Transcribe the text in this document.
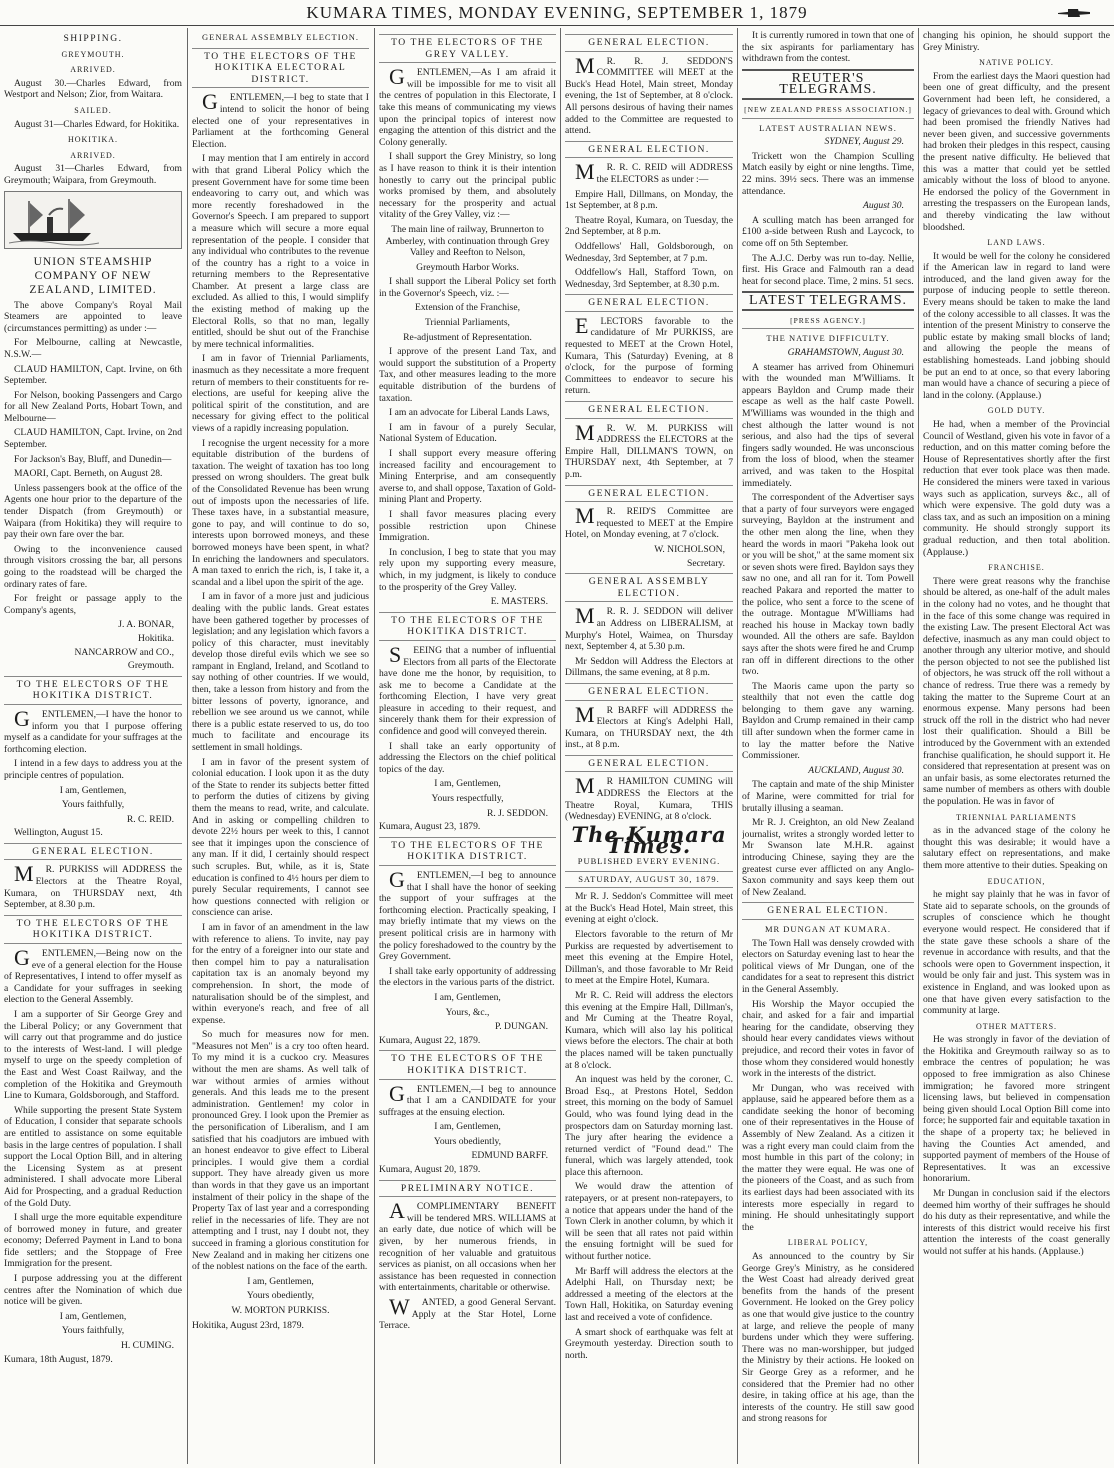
KUMARA TIMES, MONDAY EVENING, SEPTEMBER 1, 1879
SHIPPING.
GREYMOUTH.
ARRIVED.

August 30.—Charles Edward, from Westport and Nelson; Zior, from Waitara.

SAILED.

August 31—Charles Edward, for Hokitika.

HOKITIKA.
ARRIVED.

August 31—Charles Edward, from Greymouth; Waipara, from Greymouth.

UNION STEAMSHIP COMPANY OF NEW ZEALAND, LIMITED.

The above Company's Royal Mail Steamers are appointed to leave (circumstances permitting) as under :—

For Melbourne, calling at Newcastle, N.S.W.—

CLAUD HAMILTON, Capt. Irvine, on 6th September.

For Nelson, booking Passengers and Cargo for all New Zealand Ports, Hobart Town, and Melbourne—

CLAUD HAMILTON, Capt. Irvine, on 2nd September.

For Jackson's Bay, Bluff, and Dunedin—

MAORI, Capt. Berneth, on August 28.

Unless passengers book at the office of the Agents one hour prior to the departure of the tender Dispatch (from Greymouth) or Waipara (from Hokitika) they will require to pay their own fare over the bar.

Owing to the inconvenience caused through visitors crossing the bar, all persons going to the roadstead will be charged the ordinary rates of fare.

For freight or passage apply to the Company's agents,

J. A. BONAR,

Hokitika.

NANCARROW and CO.,

Greymouth.

TO THE ELECTORS OF THE HOKITIKA DISTRICT.

GENTLEMEN,—I have the honor to inform you that I purpose offering myself as a candidate for your suffrages at the forthcoming election.

I intend in a few days to address you at the principle centres of population.

I am, Gentlemen,

Yours faithfully,

R. C. REID.

Wellington, August 15.

GENERAL ELECTION.

MR. PURKISS will ADDRESS the Electors at the Theatre Royal, Kumara, on THURSDAY next, 4th September, at 8.30 p.m.

TO THE ELECTORS OF THE HOKITIKA DISTRICT.

GENTLEMEN,—Being now on the eve of a general election for the House of Representatives, I intend to offer myself as a Candidate for your suffrages in seeking election to the General Assembly.

I am a supporter of Sir George Grey and the Liberal Policy; or any Government that will carry out that programme and do justice to the interests of West-land. I will pledge myself to urge on the speedy completion of the East and West Coast Railway, and the completion of the Hokitika and Greymouth Line to Kumara, Goldsborough, and Stafford.

While supporting the present State System of Education, I consider that separate schools are entitled to assistance on some equitable basis in the large centres of population. I shall support the Local Option Bill, and in altering the Licensing System as at present administered. I shall advocate more Liberal Aid for Prospecting, and a gradual Reduction of the Gold Duty.

I shall urge the more equitable expenditure of borrowed money in future, and greater economy; Deferred Payment in Land to bona fide settlers; and the Stoppage of Free Immigration for the present.

I purpose addressing you at the different centres after the Nomination of which due notice will be given.

I am, Gentlemen,

Yours faithfully,

H. CUMING.

Kumara, 18th August, 1879.

GENERAL ASSEMBLY ELECTION.
TO THE ELECTORS OF THE HOKITIKA ELECTORAL DISTRICT.

GENTLEMEN,—I beg to state that I intend to solicit the honor of being elected one of your representatives in Parliament at the forthcoming General Election.

I may mention that I am entirely in accord with that grand Liberal Policy which the present Government have for some time been endeavoring to carry out, and which was more recently foreshadowed in the Governor's Speech. I am prepared to support a measure which will secure a more equal representation of the people. I consider that any individual who contributes to the revenue of the country has a right to a voice in returning members to the Representative Chamber. At present a large class are excluded. As allied to this, I would simplify the existing method of making up the Electoral Rolls, so that no man, legally entitled, should be shut out of the Franchise by mere technical informalities.

I am in favor of Triennial Parliaments, inasmuch as they necessitate a more frequent return of members to their constituents for re-elections, are useful for keeping alive the political spirit of the constitution, and are necessary for giving effect to the political views of a rapidly increasing population.

I recognise the urgent necessity for a more equitable distribution of the burdens of taxation. The weight of taxation has too long pressed on wrong shoulders. The great bulk of the Consolidated Revenue has been wrung out of imposts upon the necessaries of life. These taxes have, in a substantial measure, gone to pay, and will continue to do so, interests upon borrowed moneys, and these borrowed moneys have been spent, in what? In enriching the landowners and speculators. A man taxed to enrich the rich, is, I take it, a scandal and a libel upon the spirit of the age.

I am in favor of a more just and judicious dealing with the public lands. Great estates have been gathered together by processes of legislation; and any legislation which favors a policy of this character, must inevitably develop those direful evils which we see so rampant in England, Ireland, and Scotland to say nothing of other countries. If we would, then, take a lesson from history and from the bitter lessons of poverty, ignorance, and rebellion we see around us we cannot, while there is a public estate reserved to us, do too much to facilitate and encourage its settlement in small holdings.

I am in favor of the present system of colonial education. I look upon it as the duty of the State to render its subjects better fitted to perform the duties of citizens by giving them the means to read, write, and calculate. And in asking or compelling children to devote 22½ hours per week to this, I cannot see that it impinges upon the conscience of any man. If it did, I certainly should respect such scruples. But, while, as it is, State education is confined to 4½ hours per diem to purely Secular requirements, I cannot see how questions connected with religion or conscience can arise.

I am in favor of an amendment in the law with reference to aliens. To invite, nay pay for the entry of a foreigner into our state and then compel him to pay a naturalisation capitation tax is an anomaly beyond my comprehension. In short, the mode of naturalisation should be of the simplest, and within everyone's reach, and free of all expense.

So much for measures now for men. "Measures not Men" is a cry too often heard. To my mind it is a cuckoo cry. Measures without the men are shams. As well talk of war without armies of armies without generals. And this leads me to the present administration. Gentlemen! my color in pronounced Grey. I look upon the Premier as the personification of Liberalism, and I am satisfied that his coadjutors are imbued with an honest endeavor to give effect to Liberal principles. I would give them a cordial support. They have already given us more than words in that they gave us an important instalment of their policy in the shape of the Property Tax of last year and a corresponding relief in the necessaries of life. They are not attempting and I trust, nay I doubt not, they succeed in framing a glorious constitution for New Zealand and in making her citizens one of the noblest nations on the face of the earth.

I am, Gentlemen,

Yours obediently,

W. MORTON PURKISS.

Hokitika, August 23rd, 1879.

TO THE ELECTORS OF THE GREY VALLEY.

GENTLEMEN,—As I am afraid it will be impossible for me to visit all the centres of population in this Electorate, I take this means of communicating my views upon the principal topics of interest now engaging the attention of this district and the Colony generally.

I shall support the Grey Ministry, so long as I have reason to think it is their intention honestly to carry out the principal public works promised by them, and absolutely necessary for the prosperity and actual vitality of the Grey Valley, viz :—

The main line of railway, Brunnerton to Amberley, with continuation through Grey Valley and Reefton to Nelson,

Greymouth Harbor Works.

I shall support the Liberal Policy set forth in the Governor's Speech, viz. :—

Extension of the Franchise,

Triennial Parliaments,

Re-adjustment of Representation.

I approve of the present Land Tax, and would support the substitution of a Property Tax, and other measures leading to the more equitable distribution of the burdens of taxation.

I am an advocate for Liberal Lands Laws,

I am in favour of a purely Secular, National System of Education.

I shall support every measure offering increased facility and encouragement to Mining Enterprise, and am consequently averse to, and shall oppose, Taxation of Gold-mining Plant and Property.

I shall favor measures placing every possible restriction upon Chinese Immigration.

In conclusion, I beg to state that you may rely upon my supporting every measure, which, in my judgment, is likely to conduce to the prosperity of the Grey Valley.

E. MASTERS.

TO THE ELECTORS OF THE HOKITIKA DISTRICT.

SEEING that a number of influential Electors from all parts of the Electorate have done me the honor, by requisition, to ask me to become a Candidate at the forthcoming Election, I have very great pleasure in acceding to their request, and sincerely thank them for their expression of confidence and good will conveyed therein.

I shall take an early opportunity of addressing the Electors on the chief political topics of the day.

I am, Gentlemen,

Yours respectfully,

R. J. SEDDON.

Kumara, August 23, 1879.

TO THE ELECTORS OF THE HOKITIKA DISTRICT.

GENTLEMEN,—I beg to announce that I shall have the honor of seeking the support of your suffrages at the forthcoming election. Practically speaking, I may briefly intimate that my views on the present political crisis are in harmony with the policy foreshadowed to the country by the Grey Government.

I shall take early opportunity of addressing the electors in the various parts of the district.

I am, Gentlemen,

Yours, &c.,

P. DUNGAN.

Kumara, August 22, 1879.

TO THE ELECTORS OF THE HOKITIKA DISTRICT.

GENTLEMEN,—I beg to announce that I am a CANDIDATE for your suffrages at the ensuing election.

I am, Gentlemen,

Yours obediently,

EDMUND BARFF.

Kumara, August 20, 1879.

PRELIMINARY NOTICE.

ACOMPLIMENTARY BENEFIT will be tendered MRS. WILLIAMS at an early date, due notice of which will be given, by her numerous friends, in recognition of her valuable and gratuitous services as pianist, on all occasions when her assistance has been requested in connection with entertainments, charitable or otherwise.

WANTED, a good General Servant. Apply at the Star Hotel, Lorne Terrace.

GENERAL ELECTION.

MR. R. J. SEDDON'S COMMITTEE will MEET at the Buck's Head Hotel, Main street, Monday evening, the 1st of September, at 8 o'clock. All persons desirous of having their names added to the Committee are requested to attend.

GENERAL ELECTION.

MR. R. C. REID will ADDRESS the ELECTORS as under :—

Empire Hall, Dillmans, on Monday, the 1st September, at 8 p.m.

Theatre Royal, Kumara, on Tuesday, the 2nd September, at 8 p.m.

Oddfellows' Hall, Goldsborough, on Wednesday, 3rd September, at 7 p.m.

Oddfellow's Hall, Stafford Town, on Wednesday, 3rd September, at 8.30 p.m.

GENERAL ELECTION.

ELECTORS favorable to the candidature of Mr PURKISS, are requested to MEET at the Crown Hotel, Kumara, This (Saturday) Evening, at 8 o'clock, for the purpose of forming Committees to endeavor to secure his return.

GENERAL ELECTION.

MR. W. M. PURKISS will ADDRESS the ELECTORS at the Empire Hall, DILLMAN'S TOWN, on THURSDAY next, 4th September, at 7 p.m.

GENERAL ELECTION.

MR. REID'S Committee are requested to MEET at the Empire Hotel, on Monday evening, at 7 o'clock.

W. NICHOLSON,

Secretary.

GENERAL ASSEMBLY ELECTION.

MR. R. J. SEDDON will deliver an Address on LIBERALISM, at Murphy's Hotel, Waimea, on Thursday next, September 4, at 5.30 p.m.

Mr Seddon will Address the Electors at Dillmans, the same evening, at 8 p.m.

GENERAL ELECTION.

MR BARFF will ADDRESS the Electors at King's Adelphi Hall, Kumara, on THURSDAY next, the 4th inst., at 8 p.m.

GENERAL ELECTION.

MR HAMILTON CUMING will ADDRESS the Electors at the Theatre Royal, Kumara, THIS (Wednesday) EVENING, at 8 o'clock.

The Kumara Times.
PUBLISHED EVERY EVENING.
SATURDAY, AUGUST 30, 1879.

Mr R. J. Seddon's Committee will meet at the Buck's Head Hotel, Main street, this evening at eight o'clock.

Electors favorable to the return of Mr Purkiss are requested by advertisement to meet this evening at the Empire Hotel, Dillman's, and those favorable to Mr Reid to meet at the Empire Hotel, Kumara.

Mr R. C. Reid will address the electors this evening at the Empire Hall, Dillman's, and Mr Cuming at the Theatre Royal, Kumara, which will also lay his political views before the electors. The chair at both the places named will be taken punctually at 8 o'clock.

An inquest was held by the coroner, C. Broad Esq., at Prestons Hotel, Seddon street, this morning on the body of Samuel Gould, who was found lying dead in the prospectors dam on Saturday morning last. The jury after hearing the evidence a returned verdict of "Found dead." The funeral, which was largely attended, took place this afternoon.

We would draw the attention of ratepayers, or at present non-ratepayers, to a notice that appears under the hand of the Town Clerk in another column, by which it will be seen that all rates not paid within the ensuing fortnight will be sued for without further notice.

Mr Barff will address the electors at the Adelphi Hall, on Thursday next; be addressed a meeting of the electors at the Town Hall, Hokitika, on Saturday evening last and received a vote of confidence.

A smart shock of earthquake was felt at Greymouth yesterday. Direction south to north.

It is currently rumored in town that one of the six aspirants for parliamentary has withdrawn from the contest.

REUTER'S TELEGRAMS.
[NEW ZEALAND PRESS ASSOCIATION.]
LATEST AUSTRALIAN NEWS.

SYDNEY, August 29.

Trickett won the Champion Sculling Match easily by eight or nine lengths. Time, 22 mins. 39½ secs. There was an immense attendance.

August 30.

A sculling match has been arranged for £100 a-side between Rush and Laycock, to come off on 5th September.

The A.J.C. Derby was run to-day. Nellie, first. His Grace and Falmouth ran a dead heat for second place. Time, 2 mins. 51 secs.

LATEST TELEGRAMS.
[PRESS AGENCY.]
THE NATIVE DIFFICULTY.

GRAHAMSTOWN, August 30.

A steamer has arrived from Ohinemuri with the wounded man M'Williams. It appears Bayldon and Crump made their escape as well as the half caste Powell. M'Williams was wounded in the thigh and chest although the latter wound is not serious, and also had the tips of several fingers sadly wounded. He was unconscious from the loss of blood, when the steamer arrived, and was taken to the Hospital immediately.

The correspondent of the Advertiser says that a party of four surveyors were engaged surveying, Bayldon at the instrument and the other men along the line, when they heard the words in maori "Pakeha look out or you will be shot," at the same moment six or seven shots were fired. Bayldon says they saw no one, and all ran for it. Tom Powell reached Pakara and reported the matter to the police, who sent a force to the scene of the outrage. Montague M'Williams had reached his house in Mackay town badly wounded. All the others are safe. Bayldon says after the shots were fired he and Crump ran off in different directions to the other two.

The Maoris came upon the party so stealthily that not even the cattle dog belonging to them gave any warning. Bayldon and Crump remained in their camp till after sundown when the former came in to lay the matter before the Native Commissioner.

AUCKLAND, August 30.

The captain and mate of the ship Minister of Marine, were committed for trial for brutally illusing a seaman.

Mr R. J. Creighton, an old New Zealand journalist, writes a strongly worded letter to Mr Swanson late M.H.R. against introducing Chinese, saying they are the greatest curse ever afflicted on any Anglo-Saxon community and says keep them out of New Zealand.

GENERAL ELECTION.
MR DUNGAN AT KUMARA.

The Town Hall was densely crowded with electors on Saturday evening last to hear the political views of Mr Dungan, one of the candidates for a seat to represent this district in the General Assembly.

His Worship the Mayor occupied the chair, and asked for a fair and impartial hearing for the candidate, observing they should hear every candidates views without prejudice, and record their votes in favor of those whom they considered would honestly work in the interests of the district.

Mr Dungan, who was received with applause, said he appeared before them as a candidate seeking the honor of becoming one of their representatives in the House of Assembly of New Zealand. As a citizen it was a right every man could claim from the most humble in this part of the colony; in the matter they were equal. He was one of the pioneers of the Coast, and as such from its earliest days had been associated with its interests more especially in regard to mining. He should unhesitatingly support the

LIBERAL POLICY,

As announced to the country by Sir George Grey's Ministry, as he considered the West Coast had already derived great benefits from the hands of the present Government. He looked on the Grey policy as one that would give justice to the country at large, and relieve the people of many burdens under which they were suffering. There was no man-worshipper, but judged the Ministry by their actions. He looked on Sir George Grey as a reformer, and he considered that the Premier had no other desire, in taking office at his age, than the interests of the country. He still saw good and strong reasons for

changing his opinion, he should support the Grey Ministry.

NATIVE POLICY.

From the earliest days the Maori question had been one of great difficulty, and the present Government had been left, he considered, a legacy of grievances to deal with. Ground which had been promised the friendly Natives had never been given, and successive governments had broken their pledges in this respect, causing the present native difficulty. He believed that this was a matter that could yet be settled amicably without the loss of blood to anyone. He endorsed the policy of the Government in arresting the trespassers on the European lands, and thereby vindicating the law without bloodshed.

LAND LAWS.

It would be well for the colony he considered if the American law in regard to land were introduced, and the land given away for the purpose of inducing people to settle thereon. Every means should be taken to make the land of the colony accessible to all classes. It was the intention of the present Ministry to conserve the public estate by making small blocks of land; and allowing the people the means of establishing homesteads. Land jobbing should be put an end to at once, so that every laboring man would have a chance of securing a piece of land in the colony. (Applause.)

GOLD DUTY.

He had, when a member of the Provincial Council of Westland, given his vote in favor of a reduction, and on this matter coming before the House of Representatives shortly after the first reduction that ever took place was then made. He considered the miners were taxed in various ways such as application, surveys &c., all of which were expensive. The gold duty was a class tax, and as such an imposition on a mining community. He should strongly support its gradual reduction, and then total abolition. (Applause.)

FRANCHISE.

There were great reasons why the franchise should be altered, as one-half of the adult males in the colony had no votes, and he thought that in the face of this some change was required in the existing Law. The present Electoral Act was defective, inasmuch as any man could object to another through any ulterior motive, and should the person objected to not see the published list of objectors, he was struck off the roll without a chance of redress. True there was a remedy by taking the matter to the Supreme Court at an enormous expense. Many persons had been struck off the roll in the district who had never lost their qualification. Should a Bill be introduced by the Government with an extended franchise qualification, he should support it. He considered that representation at present was on an unfair basis, as some electorates returned the same number of members as others with double the population. He was in favor of

TRIENNIAL PARLIAMENTS

as in the advanced stage of the colony he thought this was desirable; it would have a salutary effect on representations, and make them more attentive to their duties. Speaking on

EDUCATION,

he might say plainly that he was in favor of State aid to separate schools, on the grounds of scruples of conscience which he thought everyone would respect. He considered that if the state gave these schools a share of the revenue in accordance with results, and that the schools were open to Government inspection, it would be only fair and just. This system was in existence in England, and was looked upon as one that have given every satisfaction to the community at large.

OTHER MATTERS.

He was strongly in favor of the deviation of the Hokitika and Greymouth railway so as to embrace the centres of population; he was opposed to free immigration as also Chinese immigration; he favored more stringent licensing laws, but believed in compensation being given should Local Option Bill come into force; he supported fair and equitable taxation in the shape of a property tax; he believed in having the Counties Act amended, and supported payment of members of the House of Representatives. It was an excessive honorarium.

Mr Dungan in conclusion said if the electors deemed him worthy of their suffrages he should do his duty as their representative, and while the interests of this district would receive his first attention the interests of the coast generally would not suffer at his hands. (Applause.)
